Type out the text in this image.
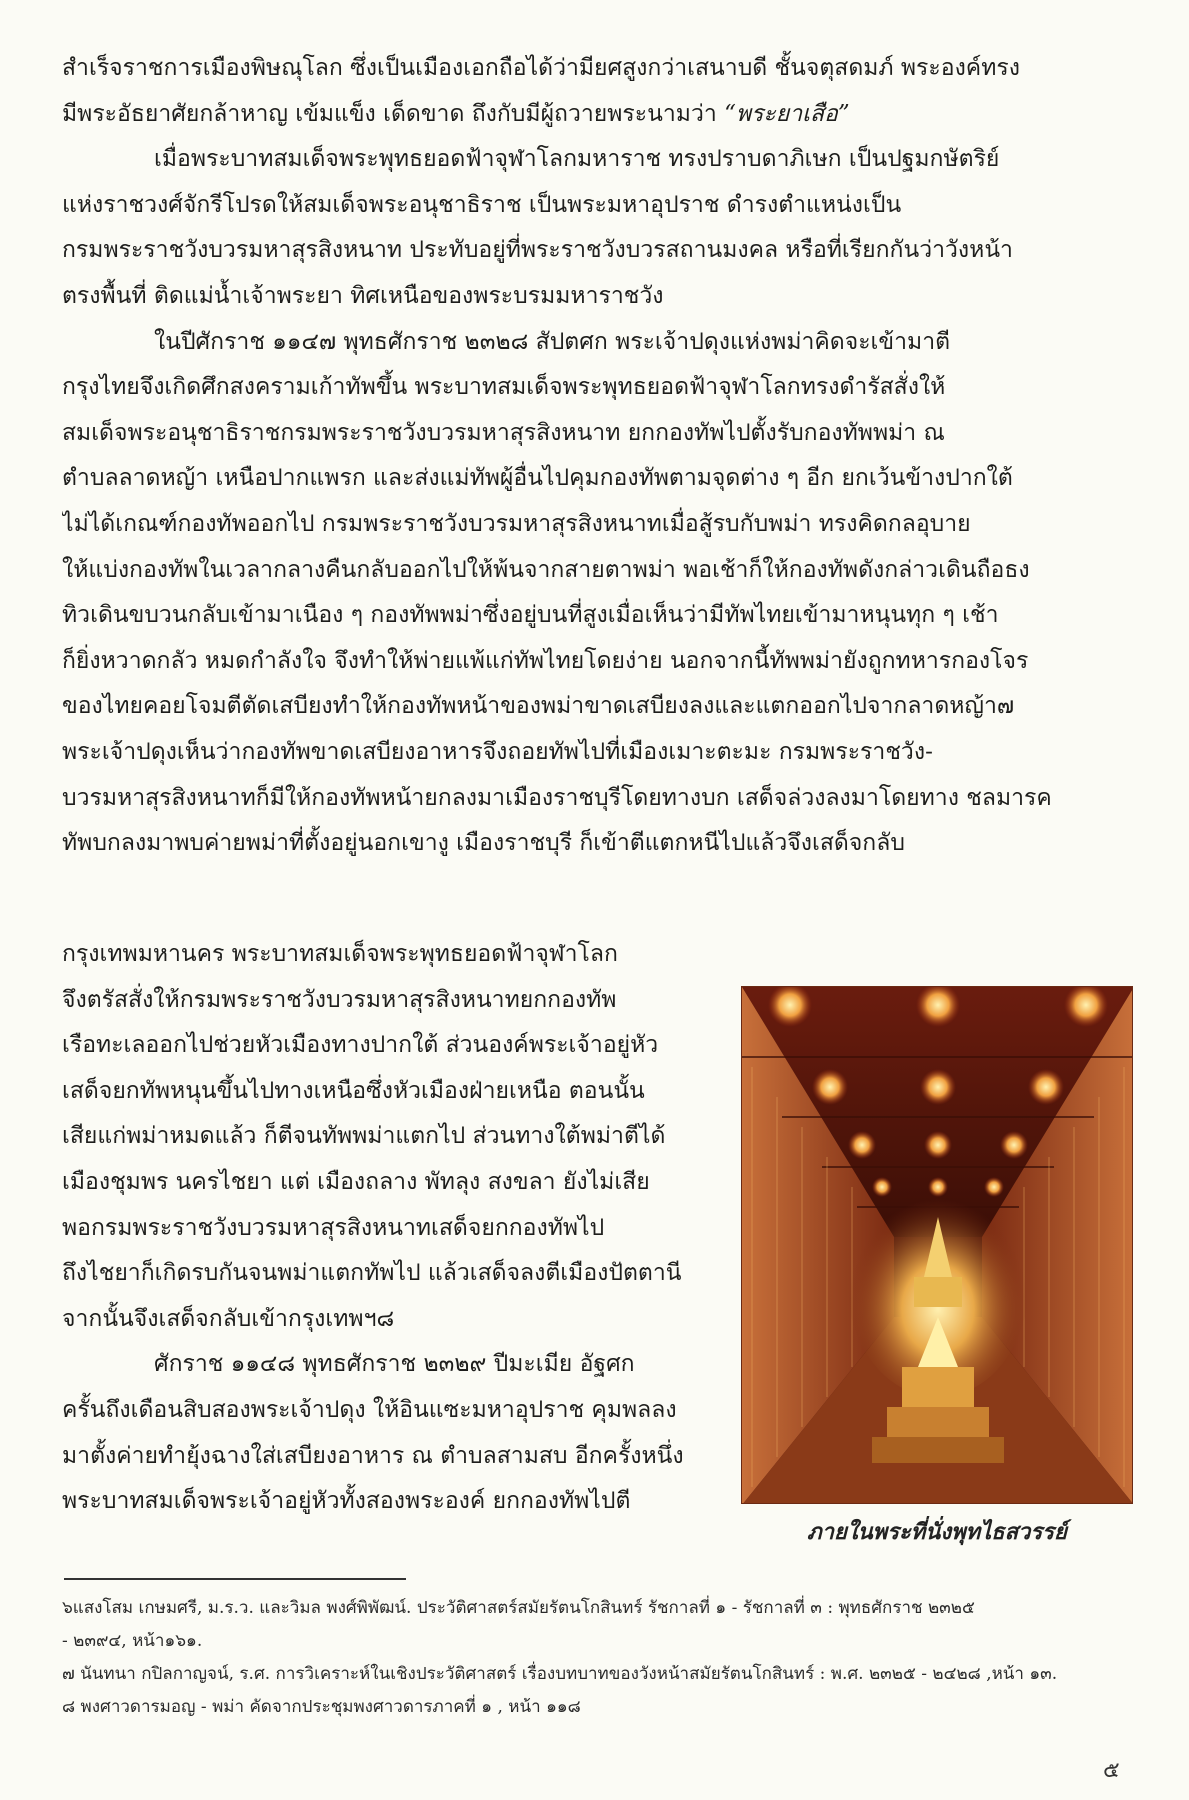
สำเร็จราชการเมืองพิษณุโลก ซึ่งเป็นเมืองเอกถือได้ว่ามียศสูงกว่าเสนาบดี ชั้นจตุสดมภ์ พระองค์ทรง
มีพระอัธยาศัยกล้าหาญ เข้มแข็ง เด็ดขาด ถึงกับมีผู้ถวายพระนามว่า “พระยาเสือ”

เมื่อพระบาทสมเด็จพระพุทธยอดฟ้าจุฬาโลกมหาราช ทรงปราบดาภิเษก เป็นปฐมกษัตริย์
แห่งราชวงศ์จักรีโปรดให้สมเด็จพระอนุชาธิราช เป็นพระมหาอุปราช ดำรงตำแหน่งเป็น
กรมพระราชวังบวรมหาสุรสิงหนาท ประทับอยู่ที่พระราชวังบวรสถานมงคล หรือที่เรียกกันว่าวังหน้า
ตรงพื้นที่ ติดแม่น้ำเจ้าพระยา ทิศเหนือของพระบรมมหาราชวัง

ในปีศักราช ๑๑๔๗ พุทธศักราช ๒๓๒๘ สัปตศก พระเจ้าปดุงแห่งพม่าคิดจะเข้ามาตี
กรุงไทยจึงเกิดศึกสงครามเก้าทัพขึ้น พระบาทสมเด็จพระพุทธยอดฟ้าจุฬาโลกทรงดำรัสสั่งให้
สมเด็จพระอนุชาธิราชกรมพระราชวังบวรมหาสุรสิงหนาท ยกกองทัพไปตั้งรับกองทัพพม่า ณ
ตำบลลาดหญ้า เหนือปากแพรก และส่งแม่ทัพผู้อื่นไปคุมกองทัพตามจุดต่าง ๆ อีก ยกเว้นข้างปากใต้
ไม่ได้เกณฑ์กองทัพออกไป กรมพระราชวังบวรมหาสุรสิงหนาทเมื่อสู้รบกับพม่า ทรงคิดกลอุบาย
ให้แบ่งกองทัพในเวลากลางคืนกลับออกไปให้พ้นจากสายตาพม่า พอเช้าก็ให้กองทัพดังกล่าวเดินถือธง
ทิวเดินขบวนกลับเข้ามาเนือง ๆ กองทัพพม่าซึ่งอยู่บนที่สูงเมื่อเห็นว่ามีทัพไทยเข้ามาหนุนทุก ๆ เช้า
ก็ยิ่งหวาดกลัว หมดกำลังใจ จึงทำให้พ่ายแพ้แก่ทัพไทยโดยง่าย นอกจากนี้ทัพพม่ายังถูกทหารกองโจร
ของไทยคอยโจมตีตัดเสบียงทำให้กองทัพหน้าของพม่าขาดเสบียงลงและแตกออกไปจากลาดหญ้า๗
พระเจ้าปดุงเห็นว่ากองทัพขาดเสบียงอาหารจึงถอยทัพไปที่เมืองเมาะตะมะ กรมพระราชวัง-
บวรมหาสุรสิงหนาทก็มีให้กองทัพหน้ายกลงมาเมืองราชบุรีโดยทางบก เสด็จล่วงลงมาโดยทาง ชลมารค
ทัพบกลงมาพบค่ายพม่าที่ตั้งอยู่นอกเขางู เมืองราชบุรี ก็เข้าตีแตกหนีไปแล้วจึงเสด็จกลับ

กรุงเทพมหานคร พระบาทสมเด็จพระพุทธยอดฟ้าจุฬาโลก
จึงตรัสสั่งให้กรมพระราชวังบวรมหาสุรสิงหนาทยกกองทัพ
เรือทะเลออกไปช่วยหัวเมืองทางปากใต้ ส่วนองค์พระเจ้าอยู่หัว
เสด็จยกทัพหนุนขึ้นไปทางเหนือซึ่งหัวเมืองฝ่ายเหนือ ตอนนั้น
เสียแก่พม่าหมดแล้ว ก็ตีจนทัพพม่าแตกไป ส่วนทางใต้พม่าตีได้
เมืองชุมพร นครไชยา แต่ เมืองถลาง พัทลุง สงขลา ยังไม่เสีย
พอกรมพระราชวังบวรมหาสุรสิงหนาทเสด็จยกกองทัพไป
ถึงไชยาก็เกิดรบกันจนพม่าแตกทัพไป แล้วเสด็จลงตีเมืองปัตตานี
จากนั้นจึงเสด็จกลับเข้ากรุงเทพฯ๘
ศักราช ๑๑๔๘ พุทธศักราช ๒๓๒๙ ปีมะเมีย อัฐศก
ครั้นถึงเดือนสิบสองพระเจ้าปดุง ให้อินแซะมหาอุปราช คุมพลลง
มาตั้งค่ายทำยุ้งฉางใส่เสบียงอาหาร ณ ตำบลสามสบ อีกครั้งหนึ่ง
พระบาทสมเด็จพระเจ้าอยู่หัวทั้งสองพระองค์ ยกกองทัพไปตี
ภายในพระที่นั่งพุทไธสวรรย์
๖แสงโสม เกษมศรี, ม.ร.ว. และวิมล พงศ์พิพัฒน์. ประวัติศาสตร์สมัยรัตนโกสินทร์ รัชกาลที่ ๑ - รัชกาลที่ ๓ : พุทธศักราช ๒๓๒๕
- ๒๓๙๔, หน้า๑๖๑.
๗ นันทนา กปิลกาญจน์, ร.ศ. การวิเคราะห์ในเชิงประวัติศาสตร์ เรื่องบทบาทของวังหน้าสมัยรัตนโกสินทร์ : พ.ศ. ๒๓๒๕ - ๒๔๒๘ ,หน้า ๑๓.
๘ พงศาวดารมอญ - พม่า คัดจากประชุมพงศาวดารภาคที่ ๑ , หน้า ๑๑๘
๕
